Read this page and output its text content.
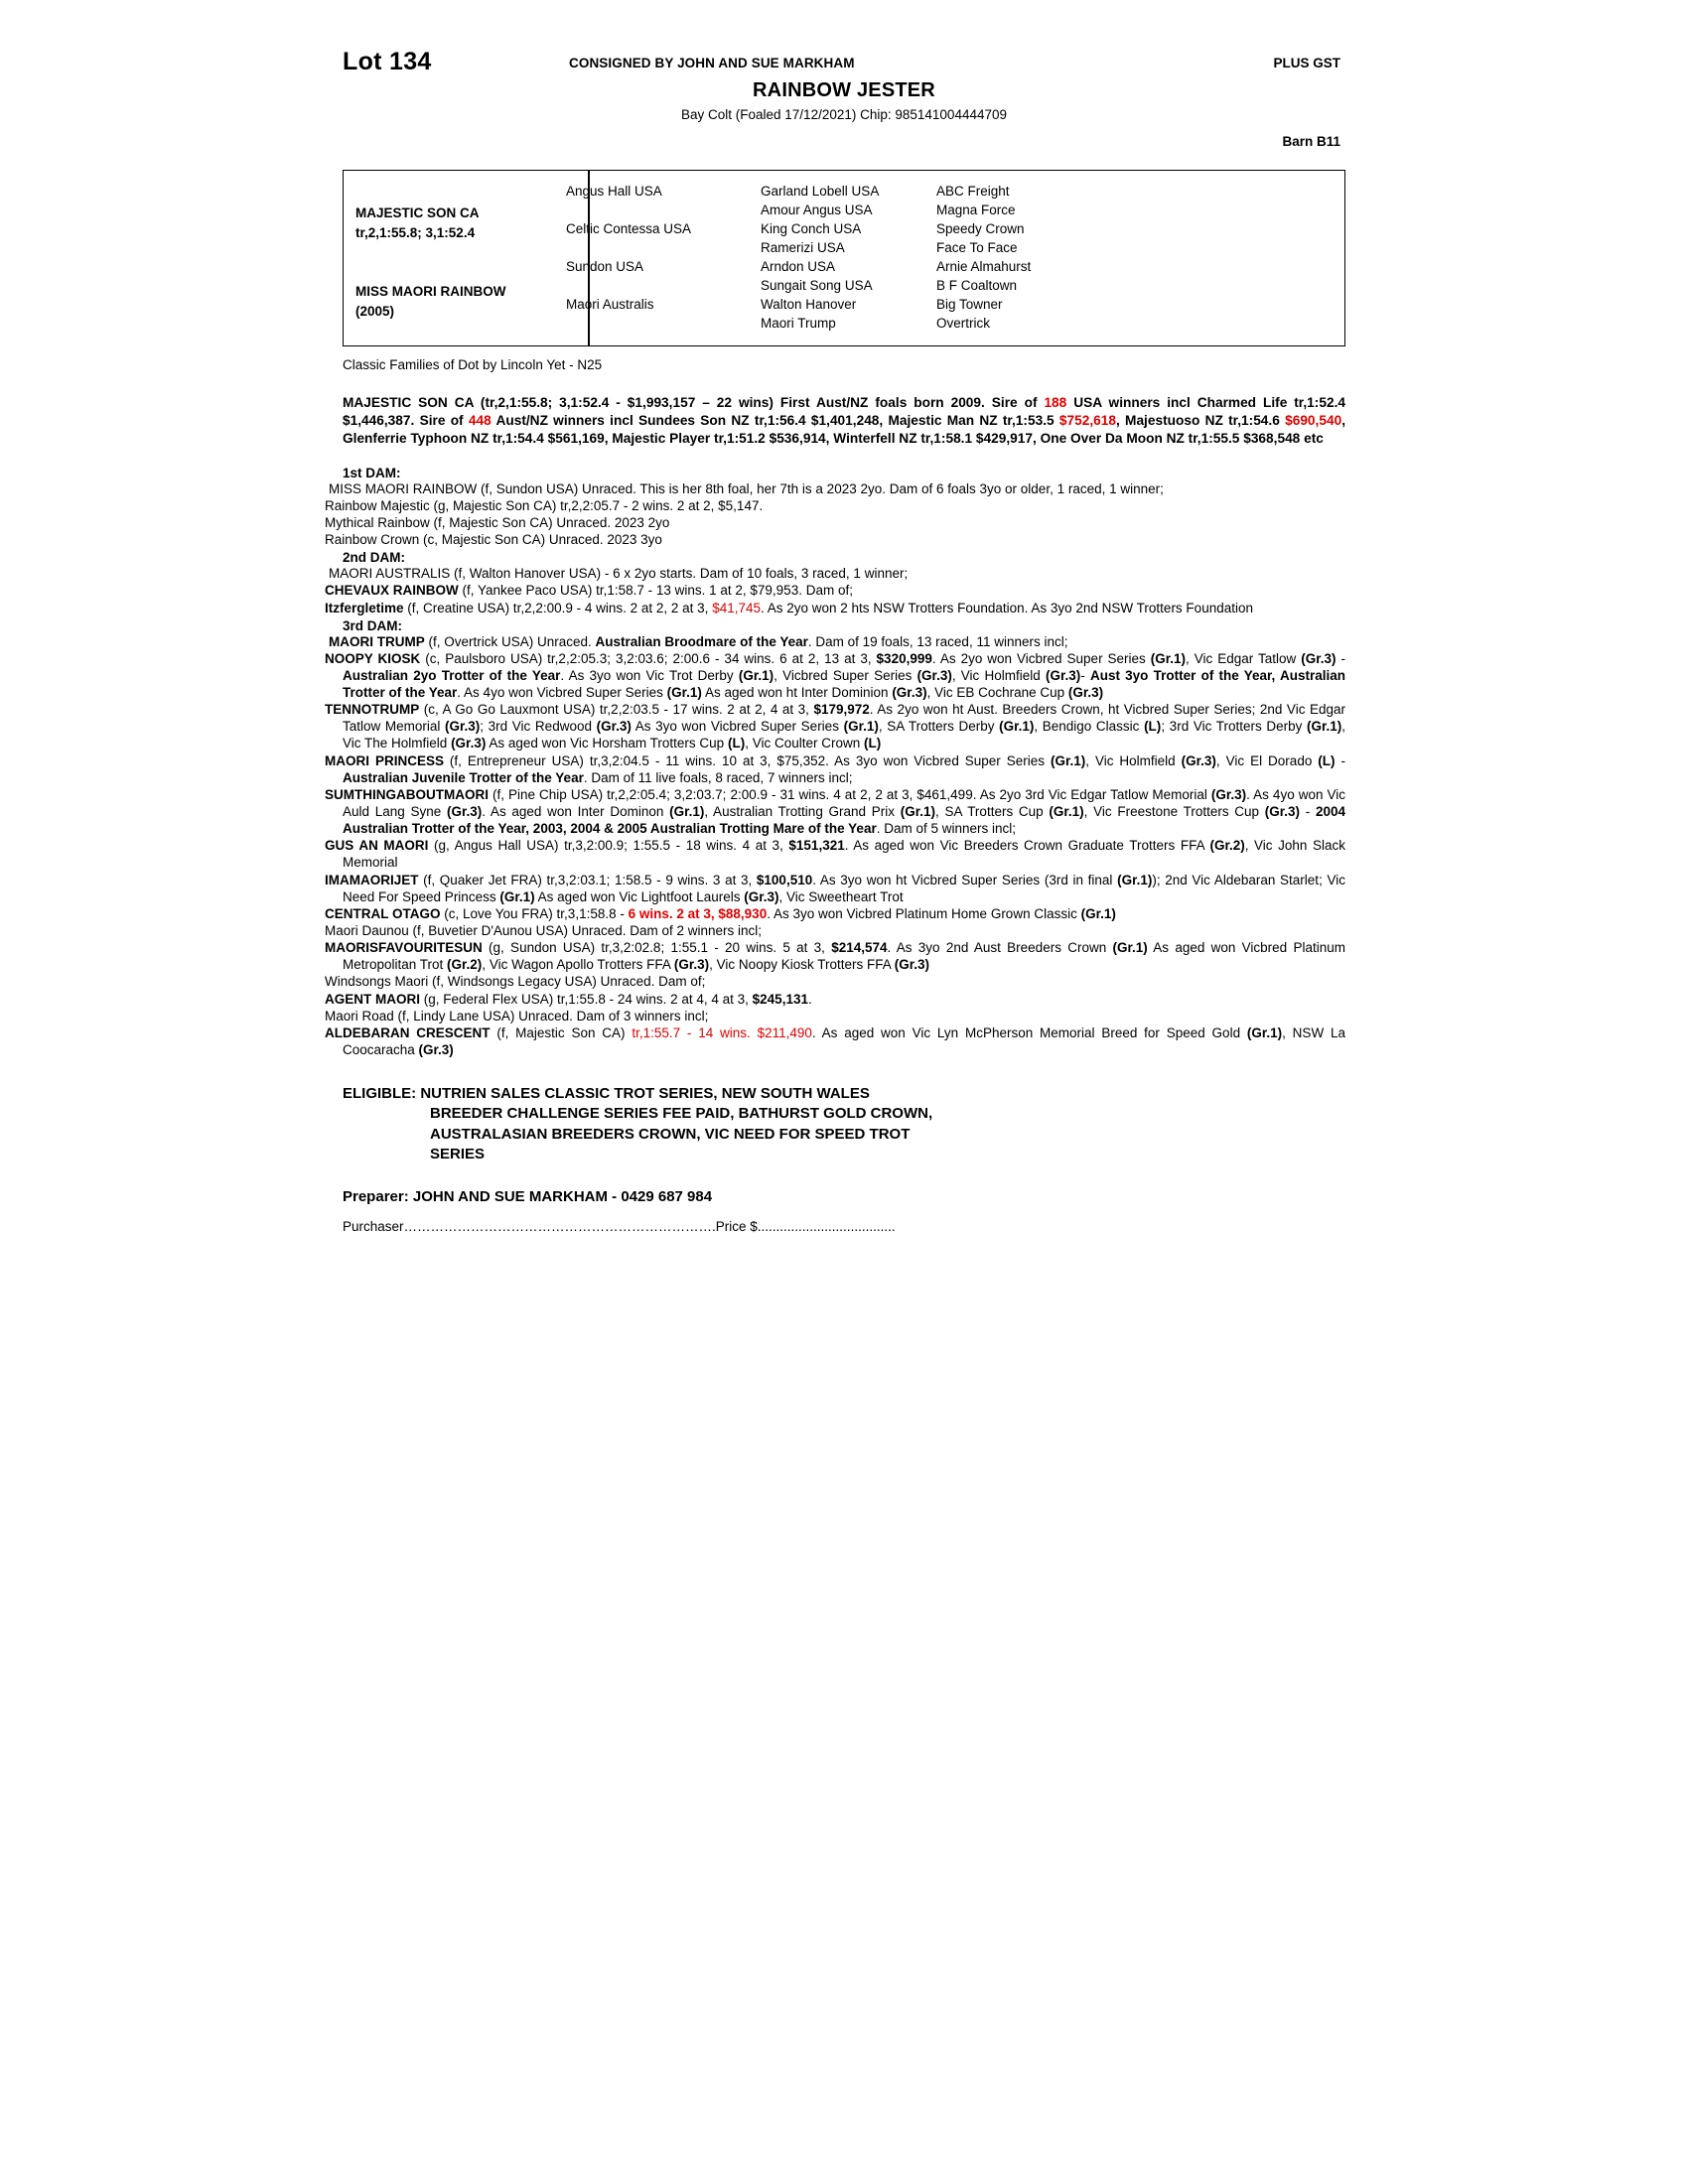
Lot 134	CONSIGNED BY JOHN AND SUE MARKHAM	PLUS GST
RAINBOW JESTER
Bay Colt (Foaled 17/12/2021) Chip: 985141004444709
Barn B11
MAJESTIC SON CA
tr,2,1:55.8; 3,1:52.4
MISS MAORI RAINBOW
(2005)
Angus Hall USA
Celtic Contessa USA
Sundon USA
Maori Australis
Garland Lobell USA
Amour Angus USA
King Conch USA
Ramerizi USA
Arndon USA
Sungait Song USA
Walton Hanover
Maori Trump
ABC Freight
Magna Force
Speedy Crown
Face To Face
Arnie Almahurst
B F Coaltown
Big Towner
Overtrick
Classic Families of Dot by Lincoln Yet - N25
MAJESTIC SON CA (tr,2,1:55.8; 3,1:52.4 - $1,993,157 – 22 wins) First Aust/NZ foals born 2009. Sire of 188 USA winners incl Charmed Life tr,1:52.4 $1,446,387. Sire of 448 Aust/NZ winners incl Sundees Son NZ tr,1:56.4 $1,401,248, Majestic Man NZ tr,1:53.5 $752,618, Majestuoso NZ tr,1:54.6 $690,540, Glenferrie Typhoon NZ tr,1:54.4 $561,169, Majestic Player tr,1:51.2 $536,914, Winterfell NZ tr,1:58.1 $429,917, One Over Da Moon NZ tr,1:55.5 $368,548 etc
1st DAM:

MISS MAORI RAINBOW (f, Sundon USA) Unraced. This is her 8th foal, her 7th is a 2023 2yo. Dam of 6 foals 3yo or older, 1 raced, 1 winner;

Rainbow Majestic (g, Majestic Son CA) tr,2,2:05.7 - 2 wins. 2 at 2, $5,147.

Mythical Rainbow (f, Majestic Son CA) Unraced. 2023 2yo

Rainbow Crown (c, Majestic Son CA) Unraced. 2023 3yo

2nd DAM:

MAORI AUSTRALIS (f, Walton Hanover USA) - 6 x 2yo starts. Dam of 10 foals, 3 raced, 1 winner;

CHEVAUX RAINBOW (f, Yankee Paco USA) tr,1:58.7 - 13 wins. 1 at 2, $79,953. Dam of;

Itzfergletime (f, Creatine USA) tr,2,2:00.9 - 4 wins. 2 at 2, 2 at 3, $41,745. As 2yo won 2 hts NSW Trotters Foundation. As 3yo 2nd NSW Trotters Foundation

3rd DAM:

MAORI TRUMP (f, Overtrick USA) Unraced. Australian Broodmare of the Year. Dam of 19 foals, 13 raced, 11 winners incl;

NOOPY KIOSK (c, Paulsboro USA) tr,2,2:05.3; 3,2:03.6; 2:00.6 - 34 wins. 6 at 2, 13 at 3, $320,999. As 2yo won Vicbred Super Series (Gr.1), Vic Edgar Tatlow (Gr.3) - Australian 2yo Trotter of the Year. As 3yo won Vic Trot Derby (Gr.1), Vicbred Super Series (Gr.3), Vic Holmfield (Gr.3)- Aust 3yo Trotter of the Year, Australian Trotter of the Year. As 4yo won Vicbred Super Series (Gr.1) As aged won ht Inter Dominion (Gr.3), Vic EB Cochrane Cup (Gr.3)

TENNOTRUMP (c, A Go Go Lauxmont USA) tr,2,2:03.5 - 17 wins. 2 at 2, 4 at 3, $179,972. As 2yo won ht Aust. Breeders Crown, ht Vicbred Super Series; 2nd Vic Edgar Tatlow Memorial (Gr.3); 3rd Vic Redwood (Gr.3) As 3yo won Vicbred Super Series (Gr.1), SA Trotters Derby (Gr.1), Bendigo Classic (L); 3rd Vic Trotters Derby (Gr.1), Vic The Holmfield (Gr.3) As aged won Vic Horsham Trotters Cup (L), Vic Coulter Crown (L)

MAORI PRINCESS (f, Entrepreneur USA) tr,3,2:04.5 - 11 wins. 10 at 3, $75,352. As 3yo won Vicbred Super Series (Gr.1), Vic Holmfield (Gr.3), Vic El Dorado (L) - Australian Juvenile Trotter of the Year. Dam of 11 live foals, 8 raced, 7 winners incl;

SUMTHINGABOUTMAORI (f, Pine Chip USA) tr,2,2:05.4; 3,2:03.7; 2:00.9 - 31 wins. 4 at 2, 2 at 3, $461,499. As 2yo 3rd Vic Edgar Tatlow Memorial (Gr.3). As 4yo won Vic Auld Lang Syne (Gr.3). As aged won Inter Dominon (Gr.1), Australian Trotting Grand Prix (Gr.1), SA Trotters Cup (Gr.1), Vic Freestone Trotters Cup (Gr.3) - 2004 Australian Trotter of the Year, 2003, 2004 & 2005 Australian Trotting Mare of the Year. Dam of 5 winners incl;

GUS AN MAORI (g, Angus Hall USA) tr,3,2:00.9; 1:55.5 - 18 wins. 4 at 3, $151,321. As aged won Vic Breeders Crown Graduate Trotters FFA (Gr.2), Vic John Slack Memorial

IMAMAORIJET (f, Quaker Jet FRA) tr,3,2:03.1; 1:58.5 - 9 wins. 3 at 3, $100,510. As 3yo won ht Vicbred Super Series (3rd in final (Gr.1)); 2nd Vic Aldebaran Starlet; Vic Need For Speed Princess (Gr.1) As aged won Vic Lightfoot Laurels (Gr.3), Vic Sweetheart Trot

CENTRAL OTAGO (c, Love You FRA) tr,3,1:58.8 - 6 wins. 2 at 3, $88,930. As 3yo won Vicbred Platinum Home Grown Classic (Gr.1)

Maori Daunou (f, Buvetier D'Aunou USA) Unraced. Dam of 2 winners incl;

MAORISFAVOURITESUN (g, Sundon USA) tr,3,2:02.8; 1:55.1 - 20 wins. 5 at 3, $214,574. As 3yo 2nd Aust Breeders Crown (Gr.1) As aged won Vicbred Platinum Metropolitan Trot (Gr.2), Vic Wagon Apollo Trotters FFA (Gr.3), Vic Noopy Kiosk Trotters FFA (Gr.3)

Windsongs Maori (f, Windsongs Legacy USA) Unraced. Dam of;

AGENT MAORI (g, Federal Flex USA) tr,1:55.8 - 24 wins. 2 at 4, 4 at 3, $245,131.

Maori Road (f, Lindy Lane USA) Unraced. Dam of 3 winners incl;

ALDEBARAN CRESCENT (f, Majestic Son CA) tr,1:55.7 - 14 wins. $211,490. As aged won Vic Lyn McPherson Memorial Breed for Speed Gold (Gr.1), NSW La Coocaracha (Gr.3)

ELIGIBLE: NUTRIEN SALES CLASSIC TROT SERIES, NEW SOUTH WALES
BREEDER CHALLENGE SERIES FEE PAID, BATHURST GOLD CROWN,
AUSTRALASIAN BREEDERS CROWN, VIC NEED FOR SPEED TROT
SERIES
Preparer: JOHN AND SUE MARKHAM - 0429 687 984
Purchaser…………………………………………………………….Price $.....................................
